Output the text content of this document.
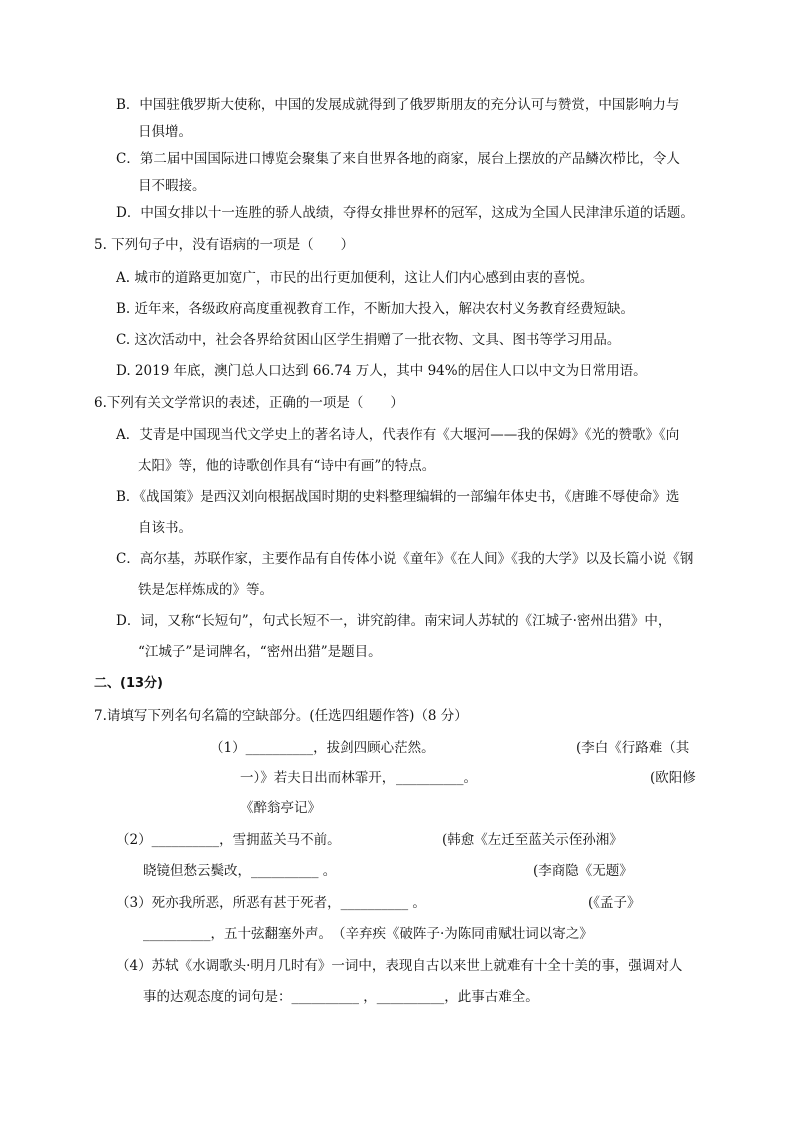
B．中国驻俄罗斯大使称，中国的发展成就得到了俄罗斯朋友的充分认可与赞赏，中国影响力与
日俱增。
C．第二届中国国际进口博览会聚集了来自世界各地的商家，展台上摆放的产品鳞次栉比，令人
目不暇接。
D．中国女排以十一连胜的骄人战绩，夺得女排世界杯的冠军，这成为全国人民津津乐道的话题。
5. 下列句子中，没有语病的一项是（　　）
A. 城市的道路更加宽广，市民的出行更加便利，这让人们内心感到由衷的喜悦。
B. 近年来，各级政府高度重视教育工作，不断加大投入，解决农村义务教育经费短缺。
C. 这次活动中，社会各界给贫困山区学生捐赠了一批衣物、文具、图书等学习用品。
D. 2019 年底，澳门总人口达到 66.74 万人，其中 94%的居住人口以中文为日常用语。
6.下列有关文学常识的表述，正确的一项是（　　）
A．艾青是中国现当代文学史上的著名诗人，代表作有《大堰河——我的保姆》《光的赞歌》《向
太阳》等，他的诗歌创作具有“诗中有画”的特点。
B．《战国策》是西汉刘向根据战国时期的史料整理编辑的一部编年体史书，《唐雎不辱使命》选
自该书。
C．高尔基，苏联作家，主要作品有自传体小说《童年》《在人间》《我的大学》以及长篇小说《钢
铁是怎样炼成的》等。
D．词，又称“长短句”，句式长短不一，讲究韵律。南宋词人苏轼的《江城子·密州出猎》中，
“江城子”是词牌名，“密州出猎”是题目。
二、(13分)
7.请填写下列名句名篇的空缺部分。(任选四组题作答)（8 分）
（1）__________，拔剑四顾心茫然。	(李白《行路难（其
一）》若夫日出而林霏开， __________。	(欧阳修
《醉翁亭记》
（2）__________，雪拥蓝关马不前。	(韩愈《左迁至蓝关示侄孙湘》
晓镜但愁云鬓改，__________ 。	(李商隐《无题》
（3）死亦我所恶，所恶有甚于死者，__________ 。	(《孟子》
__________，五十弦翻塞外声。　（辛弃疾《破阵子·为陈同甫赋壮词以寄之》
（4）苏轼《水调歌头·明月几时有》一词中，表现自古以来世上就难有十全十美的事，强调对人
事的达观态度的词句是：__________ ，__________，此事古难全。
